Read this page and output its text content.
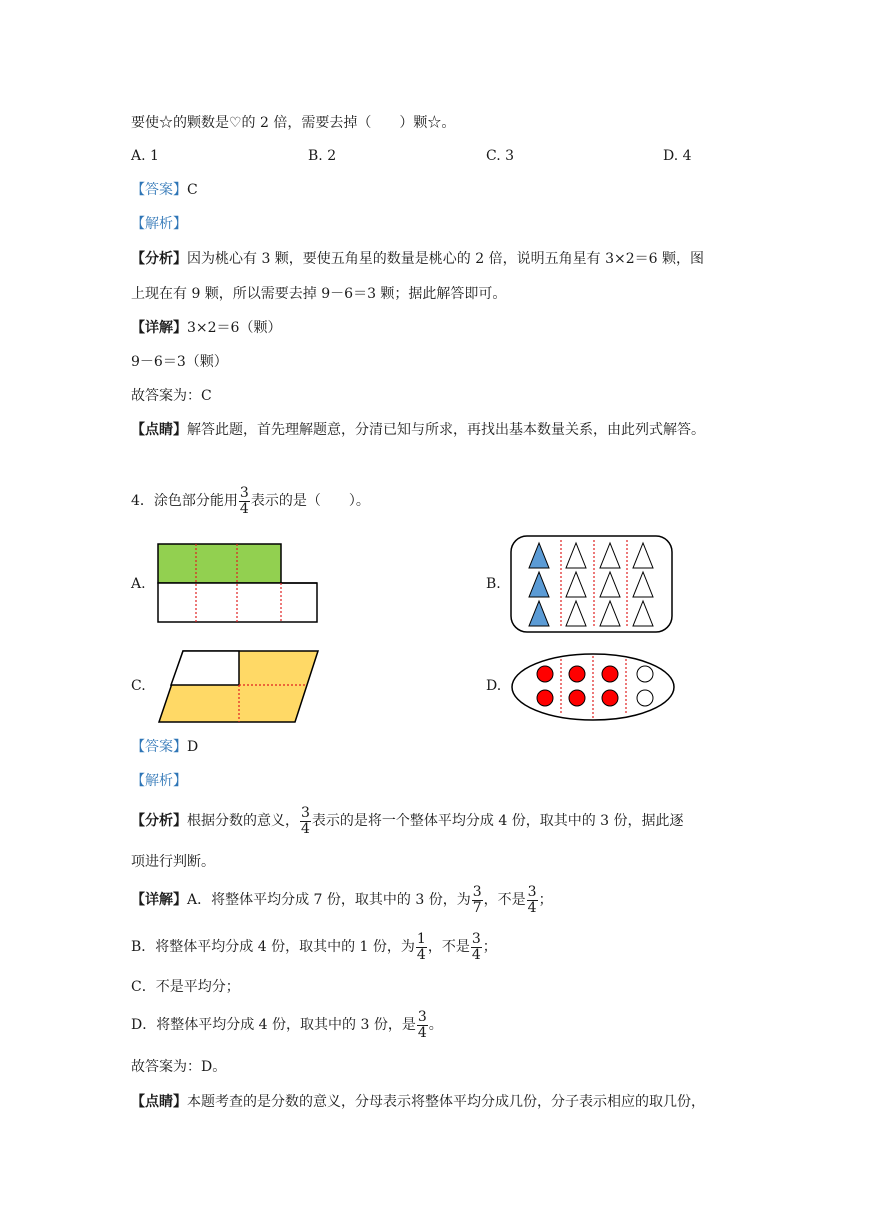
要使☆的颗数是♡的 2 倍，需要去掉（　　）颗☆。
A. 1	B. 2	C. 3	D. 4
【答案】C
【解析】
【分析】因为桃心有 3 颗，要使五角星的数量是桃心的 2 倍，说明五角星有 3×2＝6 颗，图
上现在有 9 颗，所以需要去掉 9－6＝3 颗；据此解答即可。
【详解】3×2＝6（颗）
9－6＝3（颗）
故答案为：C
【点睛】解答此题，首先理解题意，分清已知与所求，再找出基本数量关系，由此列式解答。
4．涂色部分能用 $\frac{3}{4}$ 表示的是（　　）。
A.	B.
C.	D.
【答案】D
【解析】
【分析】根据分数的意义， $\frac{3}{4}$ 表示的是将一个整体平均分成 4 份，取其中的 3 份，据此逐
项进行判断。
【详解】A．将整体平均分成 7 份，取其中的 3 份，为 $\frac{3}{7}$ ，不是 $\frac{3}{4}$ ；
B．将整体平均分成 4 份，取其中的 1 份，为 $\frac{1}{4}$ ，不是 $\frac{3}{4}$ ；
C．不是平均分；
D．将整体平均分成 4 份，取其中的 3 份，是 $\frac{3}{4}$ 。
故答案为：D。
【点睛】本题考查的是分数的意义，分母表示将整体平均分成几份，分子表示相应的取几份，
